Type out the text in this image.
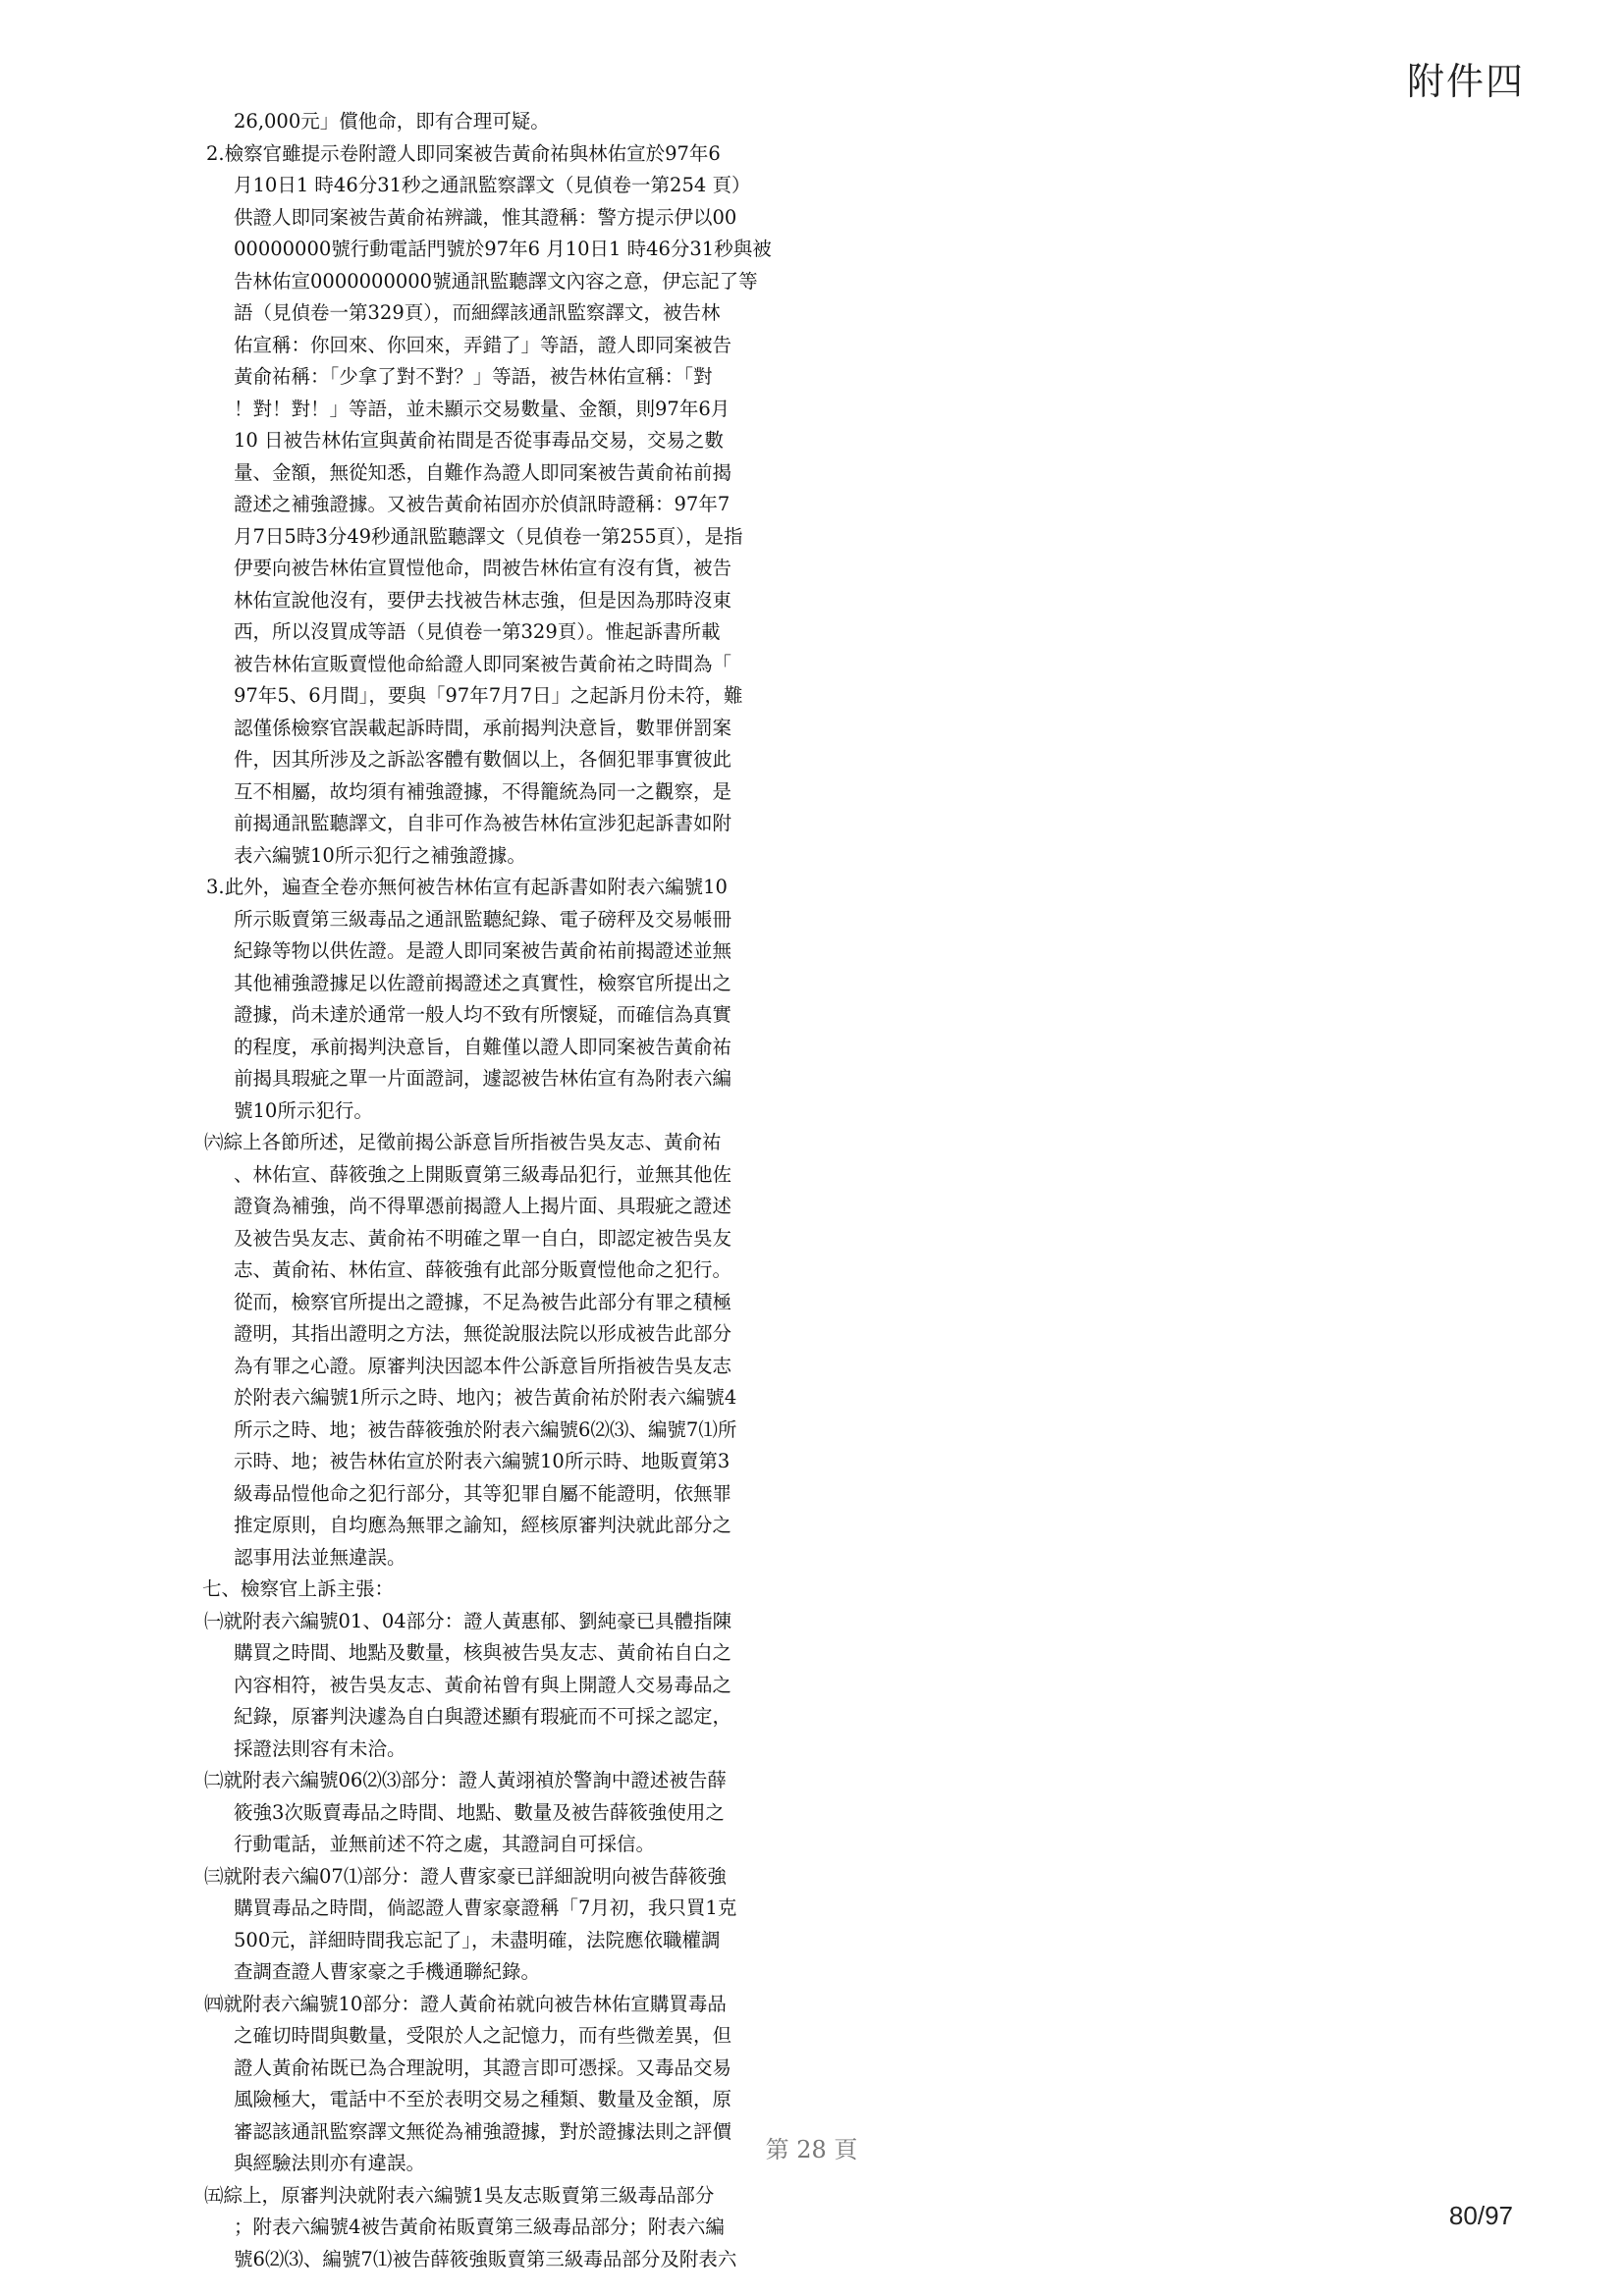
附件四
26,000元」償他命，即有合理可疑。
2.檢察官雖提示卷附證人即同案被告黃俞祐與林佑宣於97年6
月10日1 時46分31秒之通訊監察譯文（見偵卷一第254 頁）
供證人即同案被告黃俞祐辨識，惟其證稱：警方提示伊以00
00000000號行動電話門號於97年6 月10日1 時46分31秒與被
告林佑宣0000000000號通訊監聽譯文內容之意，伊忘記了等
語（見偵卷一第329頁），而細繹該通訊監察譯文，被告林
佑宣稱：你回來、你回來，弄錯了」等語，證人即同案被告
黃俞祐稱：「少拿了對不對？」等語，被告林佑宣稱：「對
！對！對！」等語，並未顯示交易數量、金額，則97年6月
10 日被告林佑宣與黃俞祐間是否從事毒品交易，交易之數
量、金額，無從知悉，自難作為證人即同案被告黃俞祐前揭
證述之補強證據。又被告黃俞祐固亦於偵訊時證稱：97年7
月7日5時3分49秒通訊監聽譯文（見偵卷一第255頁），是指
伊要向被告林佑宣買愷他命，問被告林佑宣有沒有貨，被告
林佑宣說他沒有，要伊去找被告林志強，但是因為那時沒東
西，所以沒買成等語（見偵卷一第329頁）。惟起訴書所載
被告林佑宣販賣愷他命給證人即同案被告黃俞祐之時間為「
97年5、6月間」，要與「97年7月7日」之起訴月份未符，難
認僅係檢察官誤載起訴時間，承前揭判決意旨，數罪併罰案
件，因其所涉及之訴訟客體有數個以上，各個犯罪事實彼此
互不相屬，故均須有補強證據，不得籠統為同一之觀察，是
前揭通訊監聽譯文，自非可作為被告林佑宣涉犯起訴書如附
表六編號10所示犯行之補強證據。
3.此外，遍查全卷亦無何被告林佑宣有起訴書如附表六編號10
所示販賣第三級毒品之通訊監聽紀錄、電子磅秤及交易帳冊
紀錄等物以供佐證。是證人即同案被告黃俞祐前揭證述並無
其他補強證據足以佐證前揭證述之真實性，檢察官所提出之
證據，尚未達於通常一般人均不致有所懷疑，而確信為真實
的程度，承前揭判決意旨，自難僅以證人即同案被告黃俞祐
前揭具瑕疵之單一片面證詞，遽認被告林佑宣有為附表六編
號10所示犯行。
㈥綜上各節所述，足徵前揭公訴意旨所指被告吳友志、黃俞祐
、林佑宣、薛筱強之上開販賣第三級毒品犯行，並無其他佐
證資為補強，尚不得單憑前揭證人上揭片面、具瑕疵之證述
及被告吳友志、黃俞祐不明確之單一自白，即認定被告吳友
志、黃俞祐、林佑宣、薛筱強有此部分販賣愷他命之犯行。
從而，檢察官所提出之證據，不足為被告此部分有罪之積極
證明，其指出證明之方法，無從說服法院以形成被告此部分
為有罪之心證。原審判決因認本件公訴意旨所指被告吳友志
於附表六編號1所示之時、地內；被告黃俞祐於附表六編號4
所示之時、地；被告薛筱強於附表六編號6⑵⑶、編號7⑴所
示時、地；被告林佑宣於附表六編號10所示時、地販賣第3
級毒品愷他命之犯行部分，其等犯罪自屬不能證明，依無罪
推定原則，自均應為無罪之諭知，經核原審判決就此部分之
認事用法並無違誤。
七、檢察官上訴主張：
㈠就附表六編號01、04部分：證人黃惠郁、劉純豪已具體指陳
購買之時間、地點及數量，核與被告吳友志、黃俞祐自白之
內容相符，被告吳友志、黃俞祐曾有與上開證人交易毒品之
紀錄，原審判決遽為自白與證述顯有瑕疵而不可採之認定，
採證法則容有未洽。
㈡就附表六編號06⑵⑶部分：證人黃翊禎於警詢中證述被告薛
筱強3次販賣毒品之時間、地點、數量及被告薛筱強使用之
行動電話，並無前述不符之處，其證詞自可採信。
㈢就附表六編07⑴部分：證人曹家豪已詳細說明向被告薛筱強
購買毒品之時間，倘認證人曹家豪證稱「7月初，我只買1克
500元，詳細時間我忘記了」，未盡明確，法院應依職權調
查調查證人曹家豪之手機通聯紀錄。
㈣就附表六編號10部分：證人黃俞祐就向被告林佑宣購買毒品
之確切時間與數量，受限於人之記憶力，而有些微差異，但
證人黃俞祐既已為合理說明，其證言即可憑採。又毒品交易
風險極大，電話中不至於表明交易之種類、數量及金額，原
審認該通訊監察譯文無從為補強證據，對於證據法則之評價
與經驗法則亦有違誤。
㈤綜上，原審判決就附表六編號1吳友志販賣第三級毒品部分
；附表六編號4被告黃俞祐販賣第三級毒品部分；附表六編
號6⑵⑶、編號7⑴被告薛筱強販賣第三級毒品部分及附表六

第 28 頁

80/97
